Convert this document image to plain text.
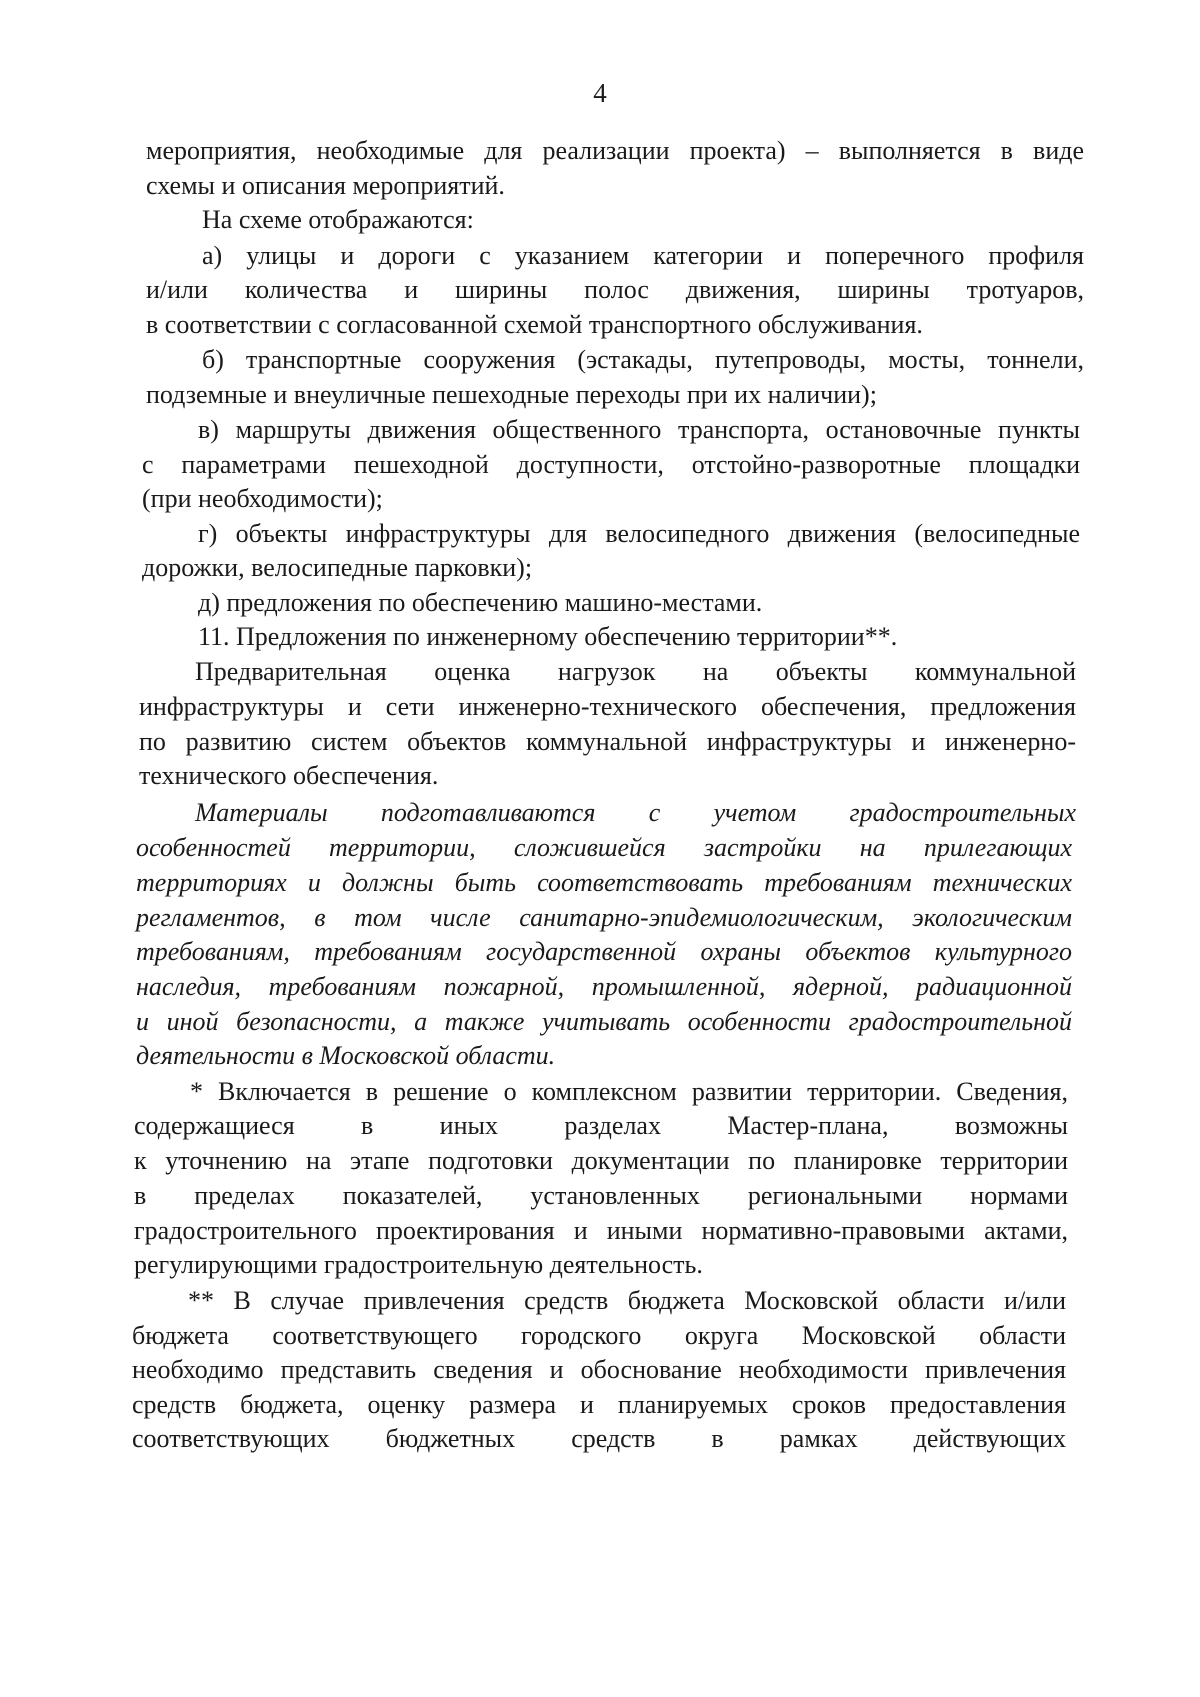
4
мероприятия, необходимые для реализации проекта) – выполняется в виде
схемы и описания мероприятий.
На схеме отображаются:
а) улицы и дороги с указанием категории и поперечного профиля
и/или количества и ширины полос движения, ширины тротуаров,
в соответствии с согласованной схемой транспортного обслуживания.
б) транспортные сооружения (эстакады, путепроводы, мосты, тоннели,
подземные и внеуличные пешеходные переходы при их наличии);
в) маршруты движения общественного транспорта, остановочные пункты
с параметрами пешеходной доступности, отстойно-разворотные площадки
(при необходимости);
г) объекты инфраструктуры для велосипедного движения (велосипедные
дорожки, велосипедные парковки);
д) предложения по обеспечению машино-местами.
11. Предложения по инженерному обеспечению территории**.
Предварительная оценка нагрузок на объекты коммунальной
инфраструктуры и сети инженерно-технического обеспечения, предложения
по развитию систем объектов коммунальной инфраструктуры и инженерно-
технического обеспечения.
Материалы подготавливаются с учетом градостроительных
особенностей территории, сложившейся застройки на прилегающих
территориях и должны быть соответствовать требованиям технических
регламентов, в том числе санитарно-эпидемиологическим, экологическим
требованиям, требованиям государственной охраны объектов культурного
наследия, требованиям пожарной, промышленной, ядерной, радиационной
и иной безопасности, а также учитывать особенности градостроительной
деятельности в Московской области.
* Включается в решение о комплексном развитии территории. Сведения,
содержащиеся в иных разделах Мастер-плана, возможны
к уточнению на этапе подготовки документации по планировке территории
в пределах показателей, установленных региональными нормами
градостроительного проектирования и иными нормативно-правовыми актами,
регулирующими градостроительную деятельность.
** В случае привлечения средств бюджета Московской области и/или
бюджета соответствующего городского округа Московской области
необходимо представить сведения и обоснование необходимости привлечения
средств бюджета, оценку размера и планируемых сроков предоставления
соответствующих бюджетных средств в рамках действующих
